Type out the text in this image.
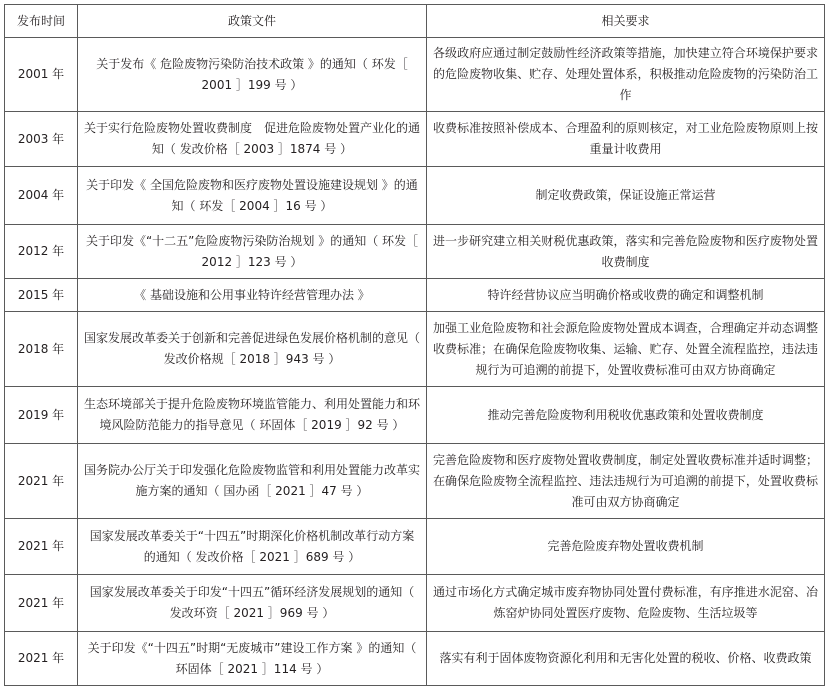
发布时间	政策文件	相关要求
2001 年	关于发布《 危险废物污染防治技术政策 》的通知（ 环发［ 2001 ］199 号 ）	各级政府应通过制定鼓励性经济政策等措施，加快建立符合环境保护要求的危险废物收集、贮存、处理处置体系，积极推动危险废物的污染防治工作
2003 年	关于实行危险废物处置收费制度　促进危险废物处置产业化的通知（ 发改价格［ 2003 ］1874 号 ）	收费标准按照补偿成本、合理盈利的原则核定，对工业危险废物原则上按重量计收费用
2004 年	关于印发《 全国危险废物和医疗废物处置设施建设规划 》的通知（ 环发［ 2004 ］16 号 ）	制定收费政策，保证设施正常运营
2012 年	关于印发《“十二五”危险废物污染防治规划 》的通知（ 环发［ 2012 ］123 号 ）	进一步研究建立相关财税优惠政策，落实和完善危险废物和医疗废物处置收费制度
2015 年	《 基础设施和公用事业特许经营管理办法 》	特许经营协议应当明确价格或收费的确定和调整机制
2018 年	国家发展改革委关于创新和完善促进绿色发展价格机制的意见（ 发改价格规［ 2018 ］943 号 ）	加强工业危险废物和社会源危险废物处置成本调查，合理确定并动态调整收费标准；在确保危险废物收集、运输、贮存、处置全流程监控，违法违规行为可追溯的前提下，处置收费标准可由双方协商确定
2019 年	生态环境部关于提升危险废物环境监管能力、利用处置能力和环境风险防范能力的指导意见（ 环固体［ 2019 ］92 号 ）	推动完善危险废物利用税收优惠政策和处置收费制度
2021 年	国务院办公厅关于印发强化危险废物监管和利用处置能力改革实施方案的通知（ 国办函［ 2021 ］47 号 ）	完善危险废物和医疗废物处置收费制度，制定处置收费标准并适时调整；在确保危险废物全流程监控、违法违规行为可追溯的前提下，处置收费标准可由双方协商确定
2021 年	国家发展改革委关于“十四五”时期深化价格机制改革行动方案的通知（ 发改价格［ 2021 ］689 号 ）	完善危险废弃物处置收费机制
2021 年	国家发展改革委关于印发“十四五”循环经济发展规划的通知（ 发改环资［ 2021 ］969 号 ）	通过市场化方式确定城市废弃物协同处置付费标准，有序推进水泥窑、冶炼窑炉协同处置医疗废物、危险废物、生活垃圾等
2021 年	关于印发《“十四五”时期“无废城市”建设工作方案 》的通知（ 环固体［ 2021 ］114 号 ）	落实有利于固体废物资源化利用和无害化处置的税收、价格、收费政策
